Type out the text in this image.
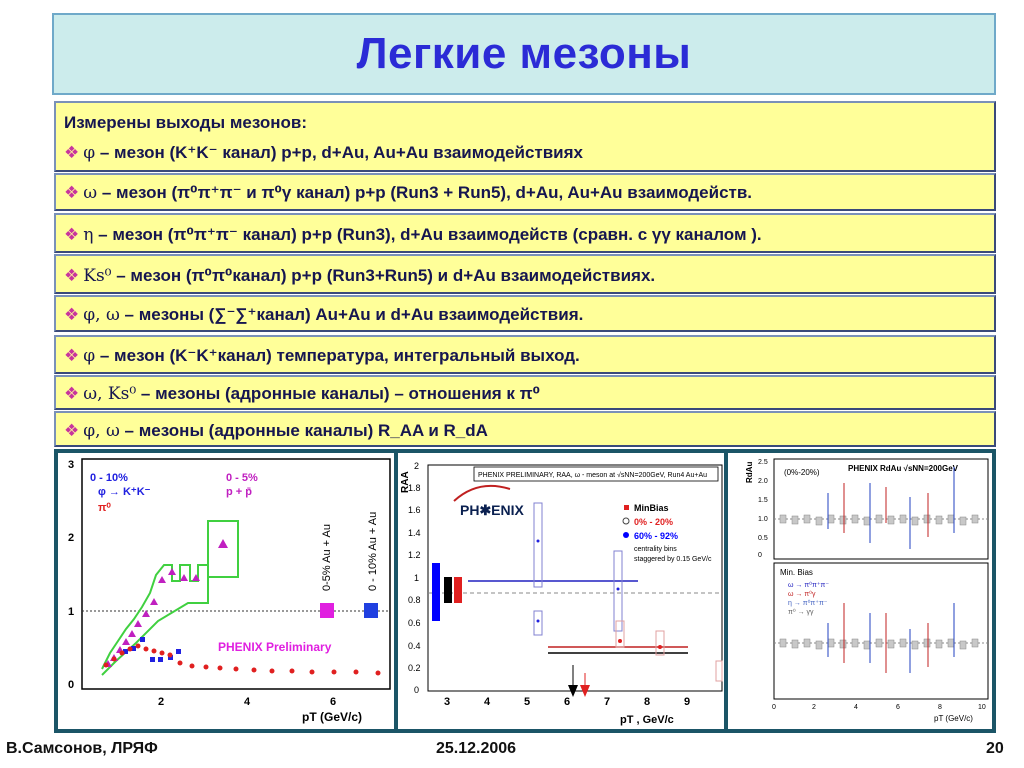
Легкие мезоны
Измерены выходы мезонов:
❖ φ – мезон (K⁺K⁻ канал) p+p, d+Au, Au+Au взаимодействиях
❖ ω – мезон (π⁰π⁺π⁻ и π⁰γ канал) p+p (Run3 + Run5), d+Au, Au+Au взаимодейств.
❖ η – мезон (π⁰π⁺π⁻ канал) p+p (Run3), d+Au взаимодейств (сравн. с γγ каналом ).
❖ Ks⁰ – мезон (π⁰π⁰канал) p+p (Run3+Run5) и d+Au взаимодействиях.
❖ φ, ω – мезоны (∑⁻∑⁺канал) Au+Au и d+Au взаимодействия.
❖ φ – мезон (K⁻K⁺канал) температура, интегральный выход.
❖ ω, Ks⁰ – мезоны (адронные каналы) – отношения к π⁰
❖ φ, ω – мезоны (адронные каналы) R_AA и R_dA
0
1
2
3
2	4	6
0 - 10%
φ → K⁺K⁻
π⁰
0 - 5%
p + p̄
PHENIX Preliminary
pT (GeV/c)
0-5% Au + Au	0 - 10% Au + Au
0
0.2
0.4
0.6
0.8
1
1.2
1.4
1.6
1.8
2
3	4	5	6	7	8	9
pT , GeV/c
RAA	PHENIX PRELIMINARY, RAA, ω - meson at √sNN=200GeV, Run4 Au+Au
PH✱ENIX	MinBias
0% - 20%
60% - 92%
centrality bins
staggered by 0.15 GeV/c
0
0.5
1.0
1.5
2.0
2.5
0	2	4	6	8	10
pT (GeV/c)
RdAu	PHENIX RdAu √sNN=200GeV
(0%-20%)
Min. Bias
ω → π⁰π⁺π⁻
ω → π⁰γ
η → π⁰π⁺π⁻
π⁰ → γγ
В.Самсонов, ЛРЯФ	25.12.2006	20
